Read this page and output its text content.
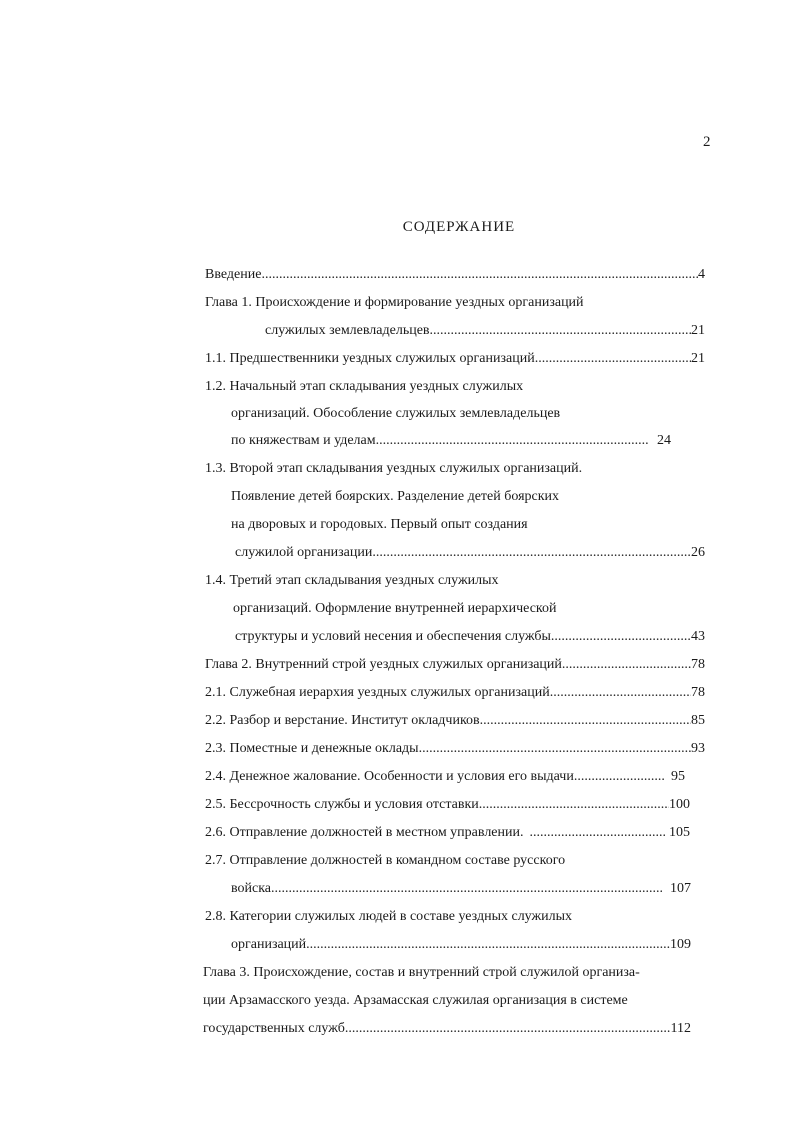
2
СОДЕРЖАНИЕ
Введение .....	4
Глава 1. Происхождение и формирование уездных организаций
служилых землевладельцев .....	21
1.1. Предшественники уездных служилых организаций .....	21
1.2. Начальный этап складывания уездных служилых
организаций. Обособление служилых землевладельцев
по княжествам и уделам .....	24
1.3. Второй этап складывания уездных служилых организаций.
Появление детей боярских. Разделение детей боярских
на дворовых и городовых. Первый опыт создания
служилой организации .....	26
1.4. Третий этап складывания уездных служилых
организаций. Оформление внутренней иерархической
структуры и условий несения и обеспечения службы .....	43
Глава 2. Внутренний строй уездных служилых организаций .....	78
2.1. Служебная иерархия уездных служилых организаций .....	78
2.2. Разбор и верстание. Институт окладчиков .....	85
2.3. Поместные и денежные оклады .....	93
2.4. Денежное жалование. Особенности и условия его выдачи .....	95
2.5. Бессрочность службы и условия отставки .....	100
2.6. Отправление должностей в местном управлении. .....	105
2.7. Отправление должностей в командном составе русского
войска .....	107
2.8. Категории служилых людей в составе уездных служилых
организаций .....	109
Глава 3. Происхождение, состав и внутренний строй служилой организа-
ции Арзамасского уезда. Арзамасская служилая организация в системе
государственных служб .....	112
